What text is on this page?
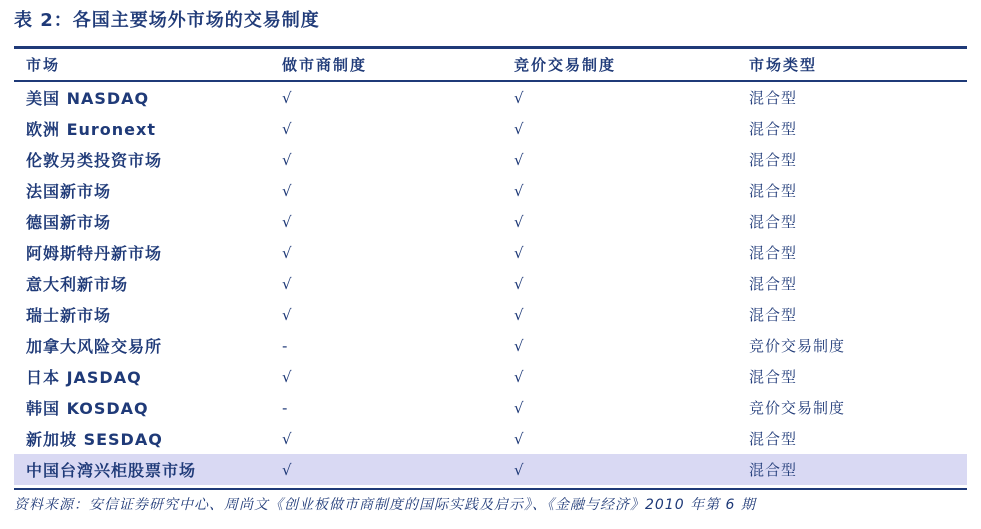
表 2：各国主要场外市场的交易制度
市场	做市商制度	竞价交易制度	市场类型
美国 NASDAQ	√	√	混合型
欧洲 Euronext	√	√	混合型
伦敦另类投资市场	√	√	混合型
法国新市场	√	√	混合型
德国新市场	√	√	混合型
阿姆斯特丹新市场	√	√	混合型
意大利新市场	√	√	混合型
瑞士新市场	√	√	混合型
加拿大风险交易所	-	√	竞价交易制度
日本 JASDAQ	√	√	混合型
韩国 KOSDAQ	-	√	竞价交易制度
新加坡 SESDAQ	√	√	混合型
中国台湾兴柜股票市场	√	√	混合型
资料来源：安信证券研究中心、周尚文《创业板做市商制度的国际实践及启示》、《金融与经济》2010 年第 6 期
